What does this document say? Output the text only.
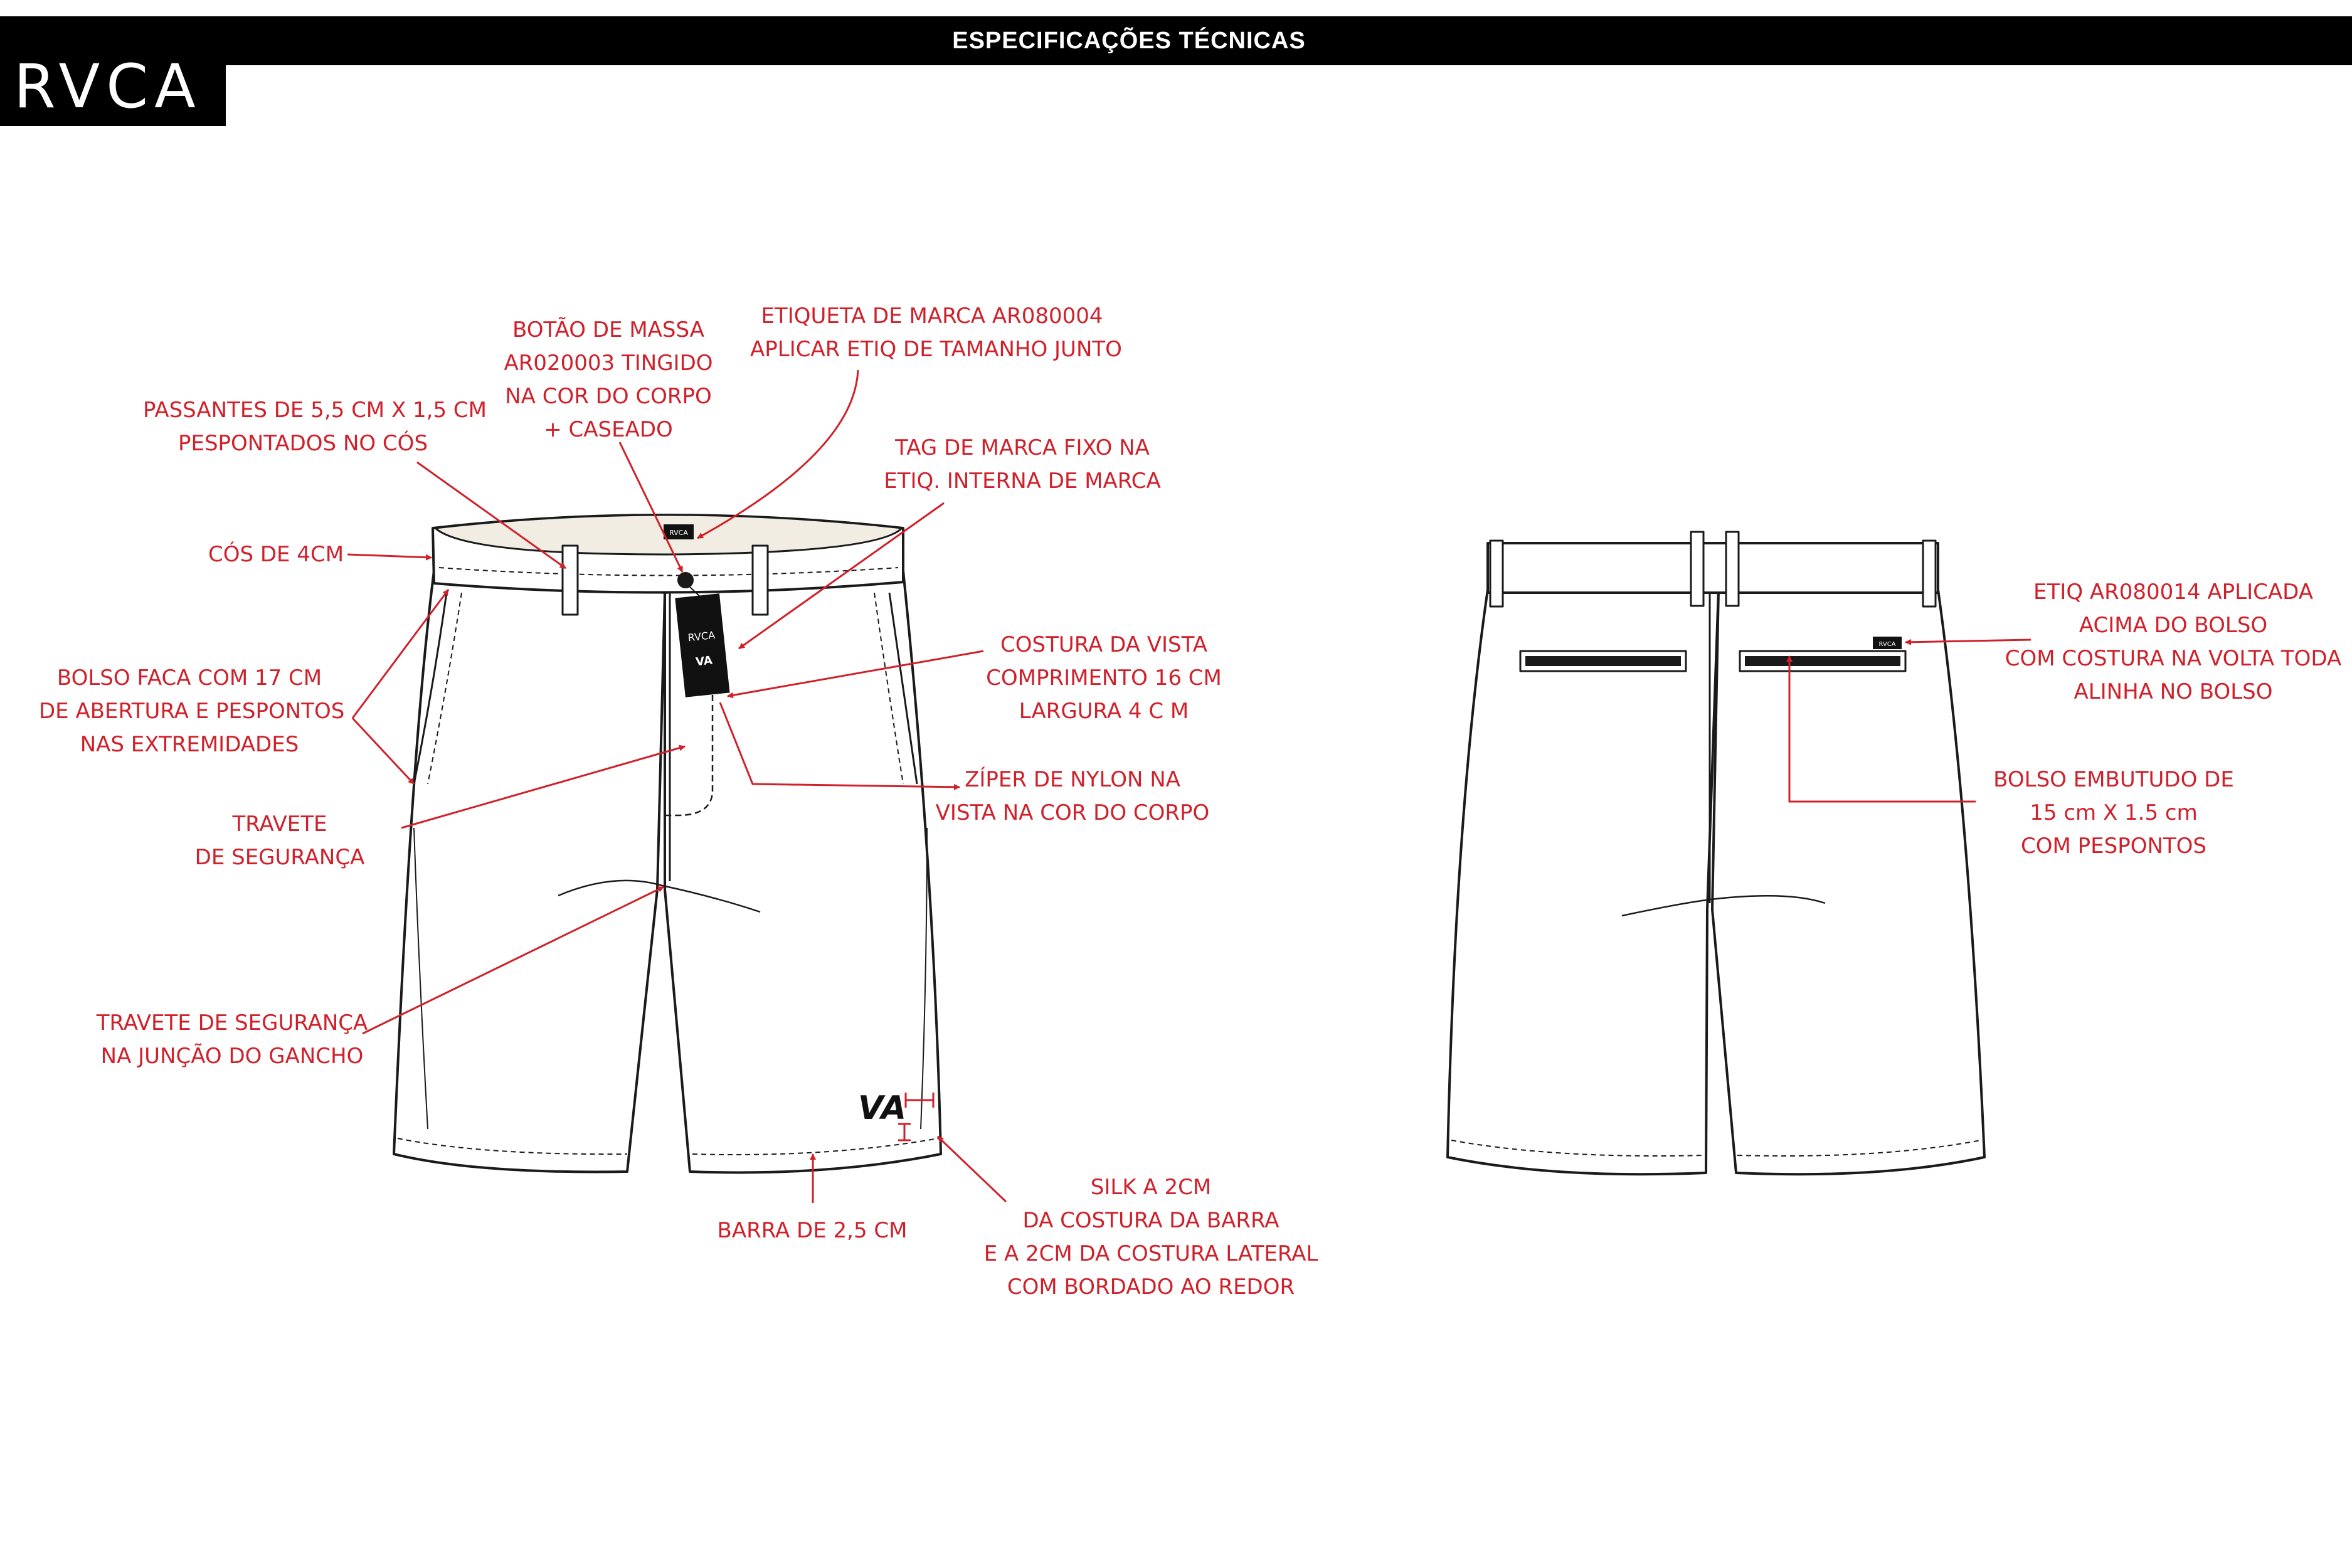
ESPECIFICAÇÕES TÉCNICAS
RVCA
RVCA
RVCA
VA
VA
RVCA
PASSANTES DE 5,5 CM X 1,5 CM
PESPONTADOS NO CÓS
BOTÃO DE MASSA
AR020003 TINGIDO
NA COR DO CORPO
+ CASEADO
ETIQUETA DE MARCA AR080004
APLICAR ETIQ DE TAMANHO JUNTO
TAG DE MARCA FIXO NA
ETIQ. INTERNA DE MARCA
CÓS DE 4CM
BOLSO FACA COM 17 CM
DE ABERTURA E PESPONTOS
NAS EXTREMIDADES
COSTURA DA VISTA
COMPRIMENTO 16 CM
LARGURA 4 C M
ZÍPER DE NYLON NA
VISTA NA COR DO CORPO
TRAVETE
DE SEGURANÇA
TRAVETE DE SEGURANÇA
NA JUNÇÃO DO GANCHO
BARRA DE 2,5 CM
SILK A 2CM
DA COSTURA DA BARRA
E A 2CM DA COSTURA LATERAL
COM BORDADO AO REDOR
ETIQ AR080014 APLICADA
ACIMA DO BOLSO
COM COSTURA NA VOLTA TODA
ALINHA NO BOLSO
BOLSO EMBUTUDO DE
15 cm X 1.5 cm
COM PESPONTOS
